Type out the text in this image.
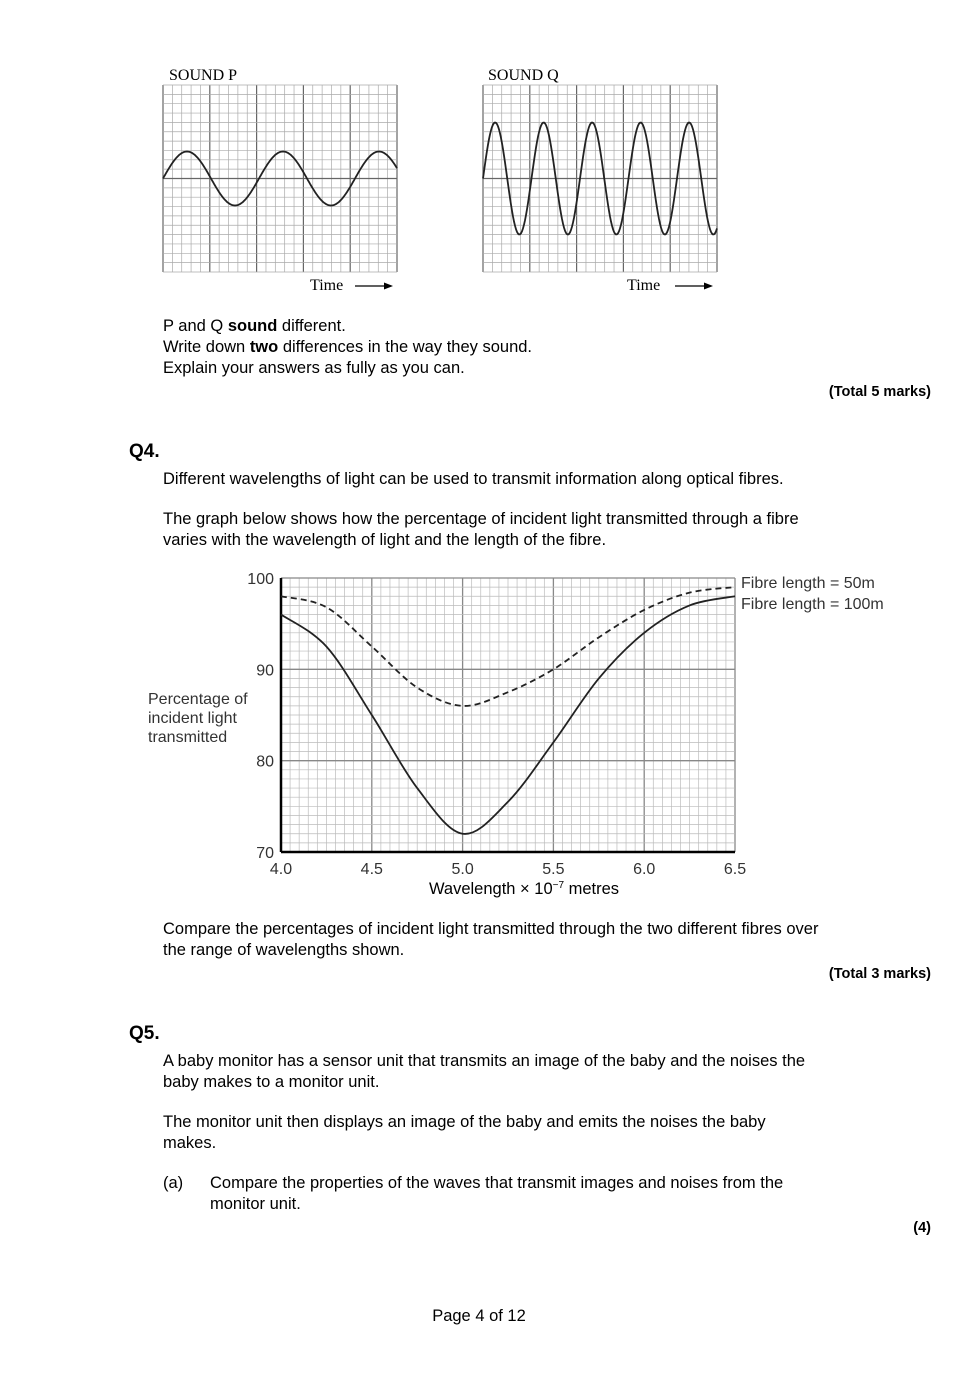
SOUND P	SOUND Q
Time	Time
P and Q sound different.
Write down two differences in the way they sound.
Explain your answers as fully as you can.
(Total 5 marks)
Q4.
Different wavelengths of light can be used to transmit information along optical fibres.
The graph below shows how the percentage of incident light transmitted through a fibre
varies with the wavelength of light and the length of the fibre.
4.0	4.5	5.0	5.5	6.0	6.5
70
80
90
100
Percentage of
incident light
transmitted
Wavelength × $10^{-7}$ metres
Fibre length = 50m
Fibre length = 100m
Compare the percentages of incident light transmitted through the two different fibres over
the range of wavelengths shown.
(Total 3 marks)
Q5.
A baby monitor has a sensor unit that transmits an image of the baby and the noises the
baby makes to a monitor unit.
The monitor unit then displays an image of the baby and emits the noises the baby
makes.
(a) Compare the properties of the waves that transmit images and noises from the
monitor unit.
(4)
Page 4 of 12
